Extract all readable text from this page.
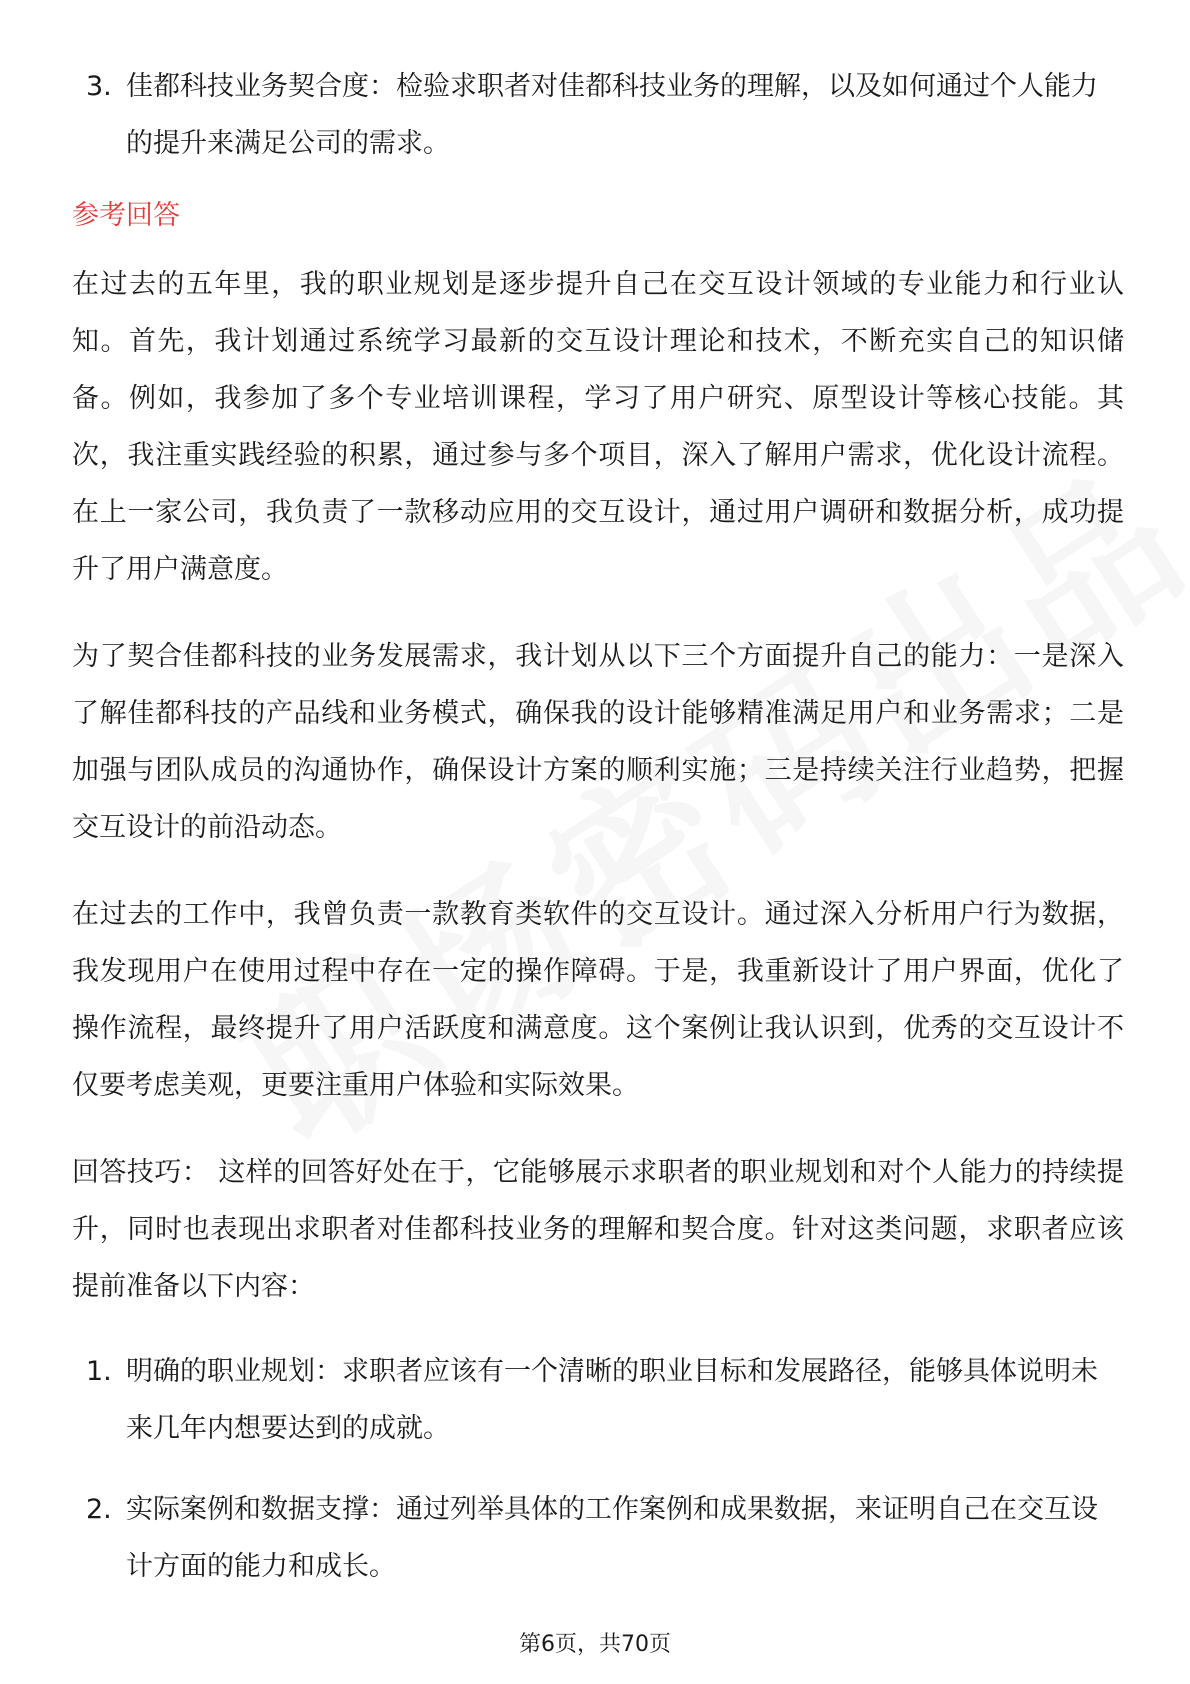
3. 佳都科技业务契合度：检验求职者对佳都科技业务的理解，以及如何通过个人能力的提升来满足公司的需求。
参考回答

在过去的五年里，我的职业规划是逐步提升自己在交互设计领域的专业能力和行业认知。首先，我计划通过系统学习最新的交互设计理论和技术，不断充实自己的知识储备。例如，我参加了多个专业培训课程，学习了用户研究、原型设计等核心技能。其次，我注重实践经验的积累，通过参与多个项目，深入了解用户需求，优化设计流程。在上一家公司，我负责了一款移动应用的交互设计，通过用户调研和数据分析，成功提升了用户满意度。

为了契合佳都科技的业务发展需求，我计划从以下三个方面提升自己的能力：一是深入了解佳都科技的产品线和业务模式，确保我的设计能够精准满足用户和业务需求；二是加强与团队成员的沟通协作，确保设计方案的顺利实施；三是持续关注行业趋势，把握交互设计的前沿动态。

在过去的工作中，我曾负责一款教育类软件的交互设计。通过深入分析用户行为数据，我发现用户在使用过程中存在一定的操作障碍。于是，我重新设计了用户界面，优化了操作流程，最终提升了用户活跃度和满意度。这个案例让我认识到，优秀的交互设计不仅要考虑美观，更要注重用户体验和实际效果。

回答技巧： 这样的回答好处在于，它能够展示求职者的职业规划和对个人能力的持续提升，同时也表现出求职者对佳都科技业务的理解和契合度。针对这类问题，求职者应该提前准备以下内容：

1. 明确的职业规划：求职者应该有一个清晰的职业目标和发展路径，能够具体说明未来几年内想要达到的成就。
2. 实际案例和数据支撑：通过列举具体的工作案例和成果数据，来证明自己在交互设计方面的能力和成长。
第6页，共70页
